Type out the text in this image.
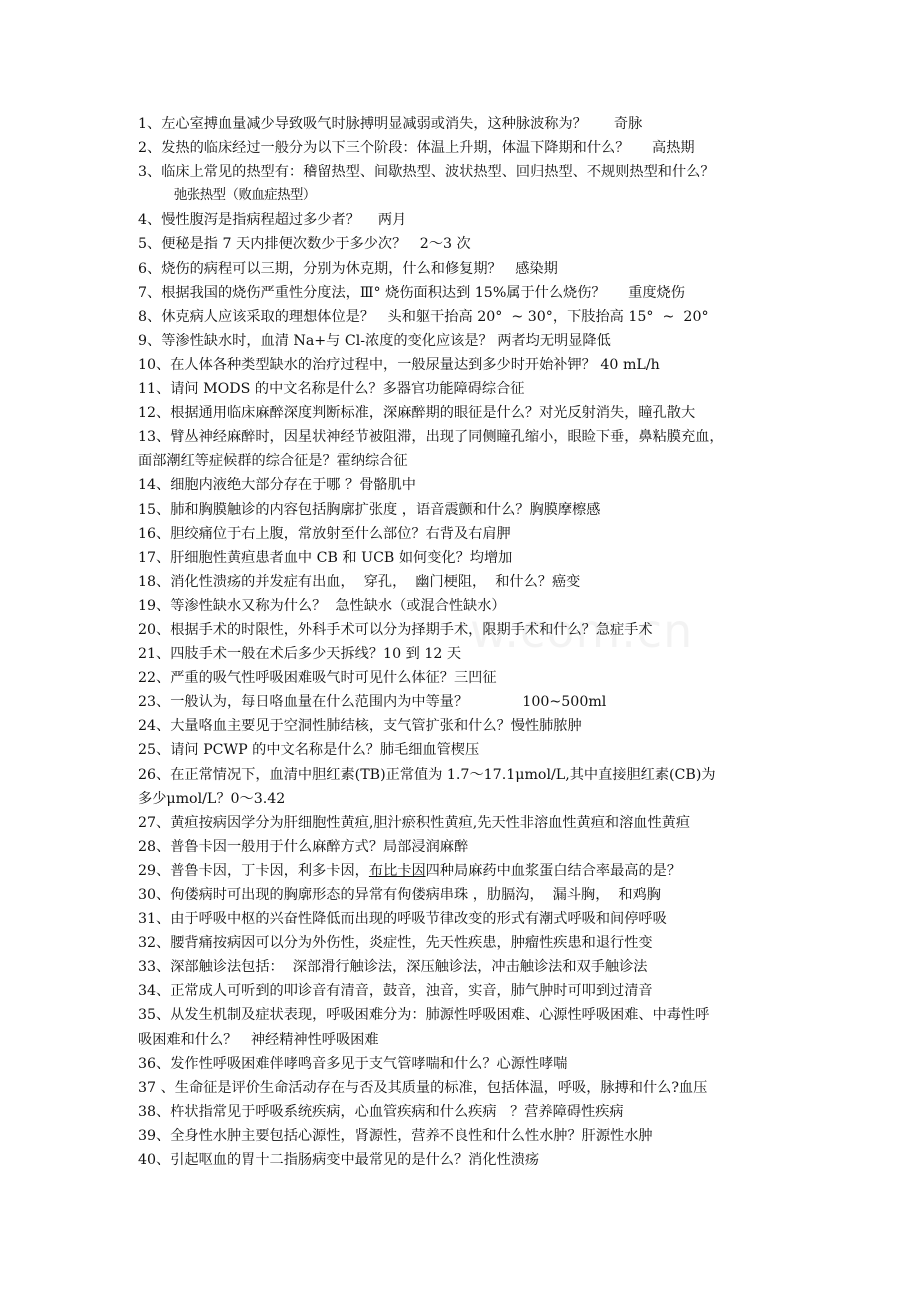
1、左心室搏血量减少导致吸气时脉搏明显减弱或消失，这种脉波称为？      奇脉
2、发热的临床经过一般分为以下三个阶段：体温上升期，体温下降期和什么？     高热期
3、临床上常见的热型有：稽留热型、间歇热型、波状热型、回归热型、不规则热型和什么？
弛张热型（败血症热型）
4、慢性腹泻是指病程超过多少者？    两月
5、便秘是指 7 天内排便次数少于多少次？   2～3 次
6、烧伤的病程可以三期，分别为休克期，什么和修复期？   感染期
7、根据我国的烧伤严重性分度法，Ⅲ° 烧伤面积达到 15%属于什么烧伤？     重度烧伤
8、休克病人应该采取的理想体位是？   头和躯干抬高 20°  ~ 30°，下肢抬高 15°  ~  20°
9、等渗性缺水时，血清 Na+与 Cl-浓度的变化应该是？ 两者均无明显降低
10、在人体各种类型缺水的治疗过程中，一般尿量达到多少时开始补钾？ 40 mL/h
11、请问 MODS 的中文名称是什么？多器官功能障碍综合征
12、根据通用临床麻醉深度判断标准，深麻醉期的眼征是什么？对光反射消失，瞳孔散大
13、臂丛神经麻醉时，因星状神经节被阻滞，出现了同侧瞳孔缩小，眼睑下垂，鼻粘膜充血，
面部潮红等症候群的综合征是？霍纳综合征
14、细胞内液绝大部分存在于哪 ？骨骼肌中
15、肺和胸膜触诊的内容包括胸廓扩张度 ，语音震颤和什么？胸膜摩檫感
16、胆绞痛位于右上腹，常放射至什么部位？右背及右肩胛
17、肝细胞性黄疸患者血中 CB 和 UCB 如何变化？均增加
18、消化性溃疡的并发症有出血，  穿孔，  幽门梗阻，  和什么？癌变
19、等渗性缺水又称为什么？  急性缺水（或混合性缺水）
20、根据手术的时限性，外科手术可以分为择期手术，限期手术和什么？急症手术
21、四肢手术一般在术后多少天拆线？10 到 12 天
22、严重的吸气性呼吸困难吸气时可见什么体征？三凹征
23、一般认为，每日咯血量在什么范围内为中等量？            100~500ml
24、大量咯血主要见于空洞性肺结核，支气管扩张和什么？慢性肺脓肿
25、请问 PCWP 的中文名称是什么？肺毛细血管楔压
26、在正常情况下，血清中胆红素(TB)正常值为 1.7～17.1μmol/L,其中直接胆红素(CB)为
多少μmol/L？0～3.42
27、黄疸按病因学分为肝细胞性黄疸,胆汁瘀积性黄疸,先天性非溶血性黄疸和溶血性黄疸
28、普鲁卡因一般用于什么麻醉方式？局部浸润麻醉
29、普鲁卡因，丁卡因，利多卡因，布比卡因四种局麻药中血浆蛋白结合率最高的是？
30、佝偻病时可出现的胸廓形态的异常有佝偻病串珠 ，肋膈沟，  漏斗胸，  和鸡胸
31、由于呼吸中枢的兴奋性降低而出现的呼吸节律改变的形式有潮式呼吸和间停呼吸
32、腰背痛按病因可以分为外伤性，炎症性，先天性疾患，肿瘤性疾患和退行性变
33、深部触诊法包括：  深部滑行触诊法，深压触诊法，冲击触诊法和双手触诊法
34、正常成人可听到的叩诊音有清音，鼓音，浊音，实音，肺气肿时可叩到过清音
35、从发生机制及症状表现，呼吸困难分为：肺源性呼吸困难、心源性呼吸困难、中毒性呼
吸困难和什么？   神经精神性呼吸困难
36、发作性呼吸困难伴哮鸣音多见于支气管哮喘和什么？心源性哮喘
37 、生命征是评价生命活动存在与否及其质量的标准，包括体温，呼吸，脉搏和什么?血压
38、杵状指常见于呼吸系统疾病，心血管疾病和什么疾病   ？营养障碍性疾病
39、全身性水肿主要包括心源性，肾源性，营养不良性和什么性水肿？肝源性水肿
40、引起呕血的胃十二指肠病变中最常见的是什么？消化性溃疡
